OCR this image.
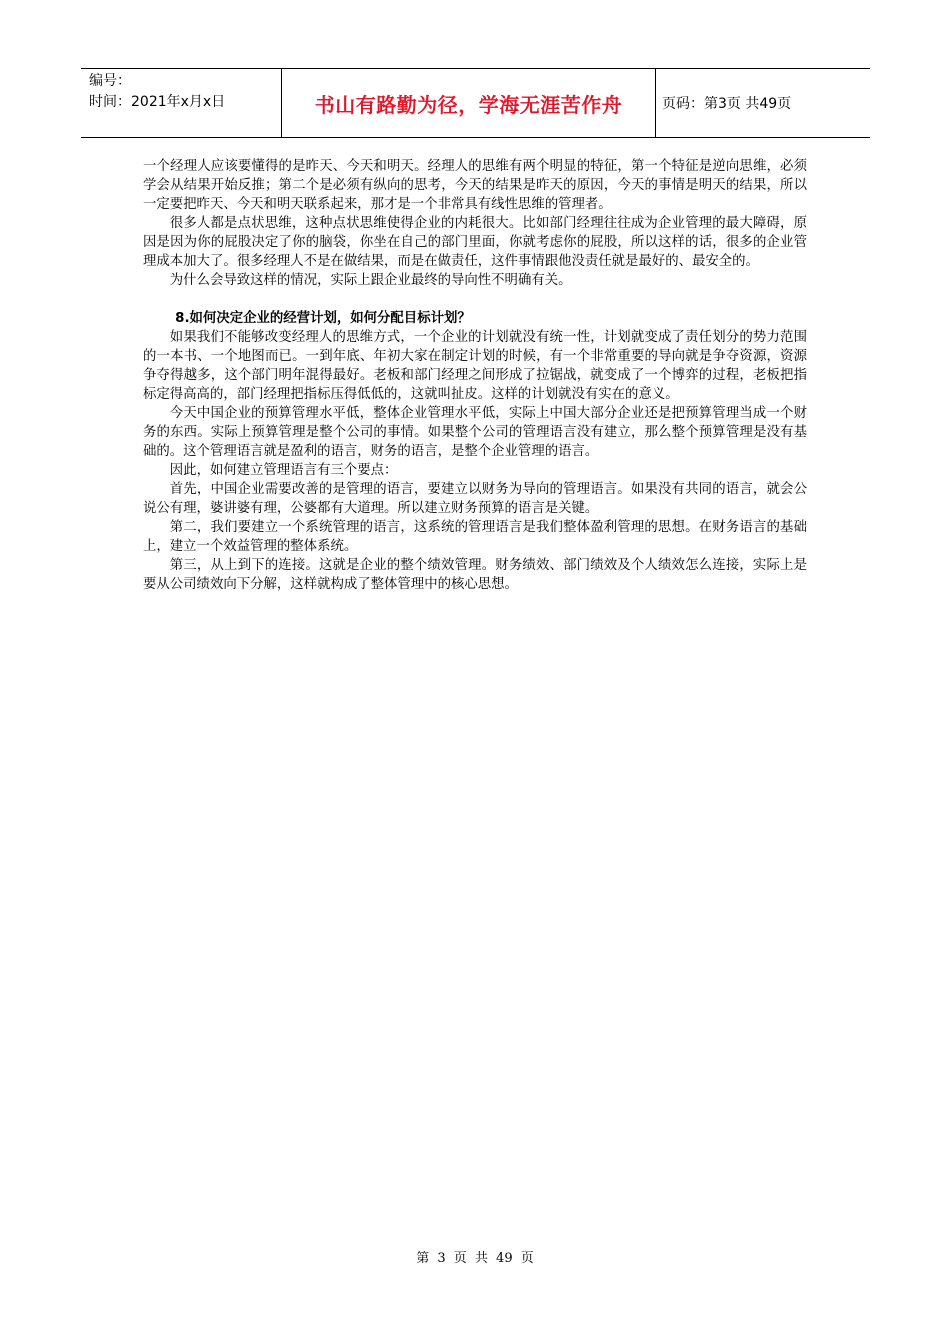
编号：
时间：2021年x月x日	书山有路勤为径，学海无涯苦作舟	页码：第3页 共49页

一个经理人应该要懂得的是昨天、今天和明天。经理人的思维有两个明显的特征，第一个特征是逆向思维，必须学会从结果开始反推；第二个是必须有纵向的思考，今天的结果是昨天的原因，今天的事情是明天的结果，所以一定要把昨天、今天和明天联系起来，那才是一个非常具有线性思维的管理者。

很多人都是点状思维，这种点状思维使得企业的内耗很大。比如部门经理往往成为企业管理的最大障碍，原因是因为你的屁股决定了你的脑袋，你坐在自己的部门里面，你就考虑你的屁股，所以这样的话，很多的企业管理成本加大了。很多经理人不是在做结果，而是在做责任，这件事情跟他没责任就是最好的、最安全的。

为什么会导致这样的情况，实际上跟企业最终的导向性不明确有关。

8.如何决定企业的经营计划，如何分配目标计划？

如果我们不能够改变经理人的思维方式，一个企业的计划就没有统一性，计划就变成了责任划分的势力范围的一本书、一个地图而已。一到年底、年初大家在制定计划的时候，有一个非常重要的导向就是争夺资源，资源争夺得越多，这个部门明年混得最好。老板和部门经理之间形成了拉锯战，就变成了一个博弈的过程，老板把指标定得高高的，部门经理把指标压得低低的，这就叫扯皮。这样的计划就没有实在的意义。

今天中国企业的预算管理水平低，整体企业管理水平低，实际上中国大部分企业还是把预算管理当成一个财务的东西。实际上预算管理是整个公司的事情。如果整个公司的管理语言没有建立，那么整个预算管理是没有基础的。这个管理语言就是盈利的语言，财务的语言，是整个企业管理的语言。

因此，如何建立管理语言有三个要点：

首先，中国企业需要改善的是管理的语言，要建立以财务为导向的管理语言。如果没有共同的语言，就会公说公有理，婆讲婆有理，公婆都有大道理。所以建立财务预算的语言是关键。

第二，我们要建立一个系统管理的语言，这系统的管理语言是我们整体盈利管理的思想。在财务语言的基础上，建立一个效益管理的整体系统。

第三，从上到下的连接。这就是企业的整个绩效管理。财务绩效、部门绩效及个人绩效怎么连接，实际上是要从公司绩效向下分解，这样就构成了整体管理中的核心思想。

第 3 页 共 49 页
